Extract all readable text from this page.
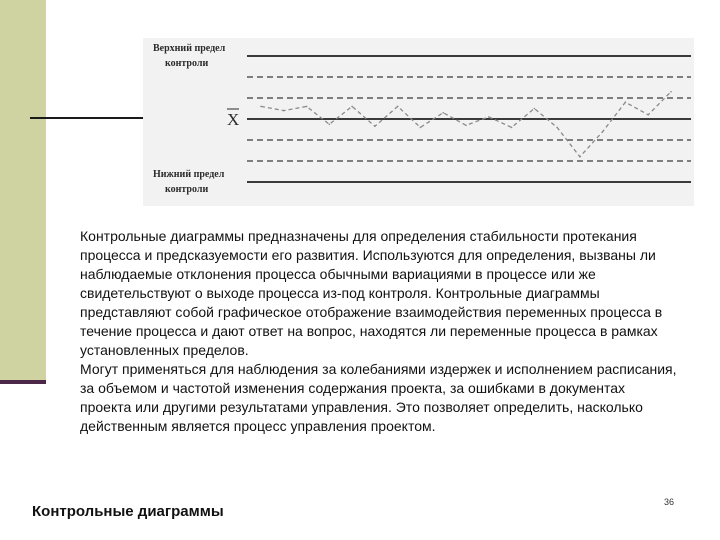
Верхний предел
контроли
X
Нижний предел
контроли

Контрольные диаграммы предназначены для определения стабильности протекания процесса и предсказуемости его развития. Используются для определения, вызваны ли наблюдаемые отклонения процесса обычными вариациями в процессе или же свидетельствуют о выходе процесса из-под контроля. Контрольные диаграммы представляют собой графическое отображение взаимодействия переменных процесса в течение процесса и дают ответ на вопрос, находятся ли переменные процесса в рамках установленных пределов.

Могут применяться для наблюдения за колебаниями издержек и исполнением расписания, за объемом и частотой изменения содержания проекта, за ошибками в документах проекта или другими результатами управления. Это позволяет определить, насколько действенным является процесс управления проектом.

Контрольные диаграммы
36
